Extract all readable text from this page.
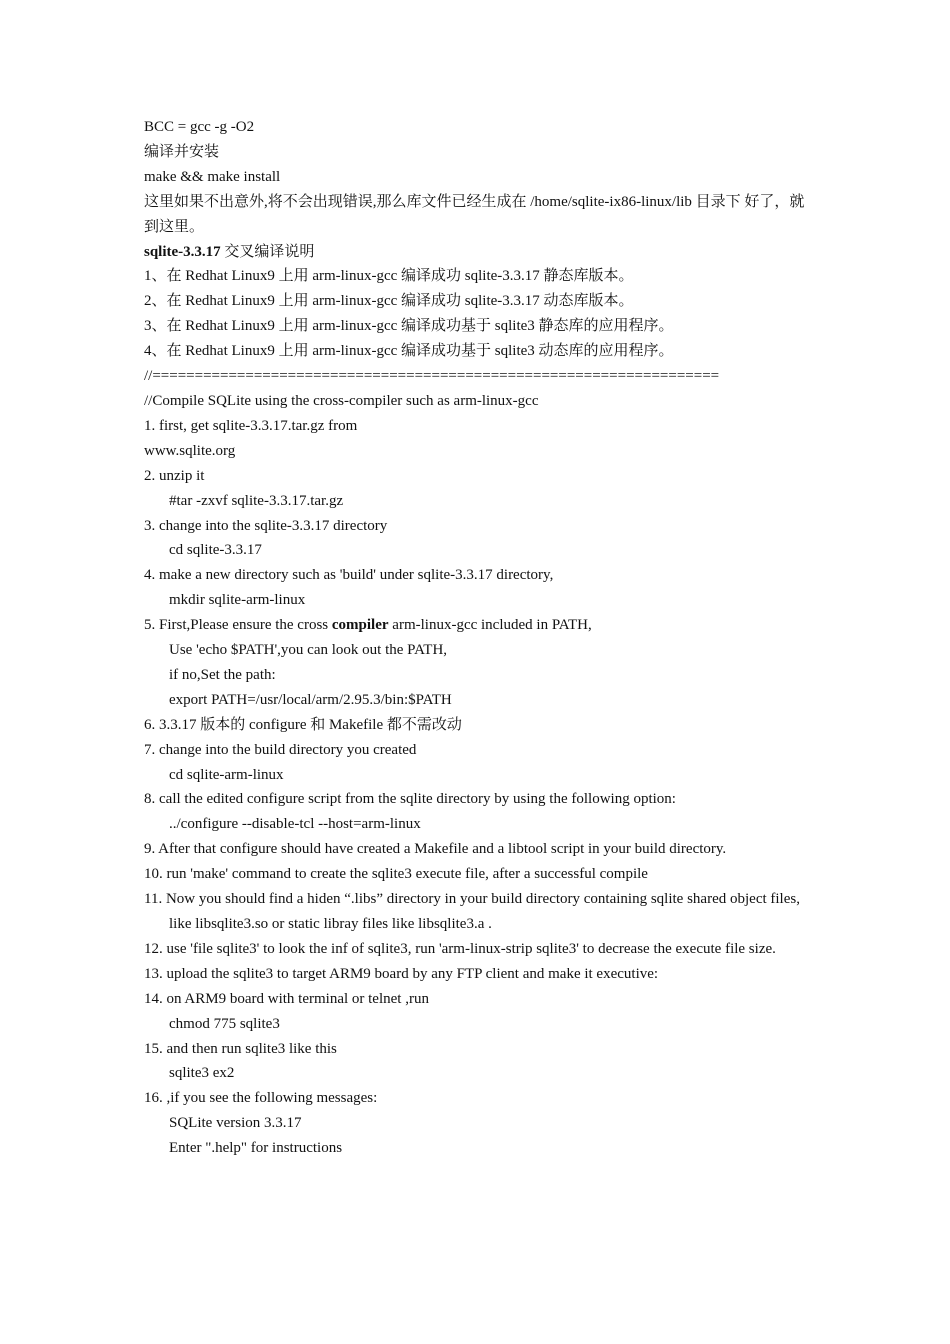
BCC = gcc -g -O2
编译并安装
make && make install
这里如果不出意外,将不会出现错误,那么库文件已经生成在 /home/sqlite-ix86-linux/lib 目录下 好了，就到这里。
sqlite-3.3.17 交叉编译说明
1、在 Redhat Linux9 上用 arm-linux-gcc 编译成功 sqlite-3.3.17 静态库版本。
2、在 Redhat Linux9 上用 arm-linux-gcc 编译成功 sqlite-3.3.17 动态库版本。
3、在 Redhat Linux9 上用 arm-linux-gcc 编译成功基于 sqlite3 静态库的应用程序。
4、在 Redhat Linux9 上用 arm-linux-gcc 编译成功基于 sqlite3 动态库的应用程序。
//===================================================================
//Compile SQLite using the cross-compiler such as arm-linux-gcc
1. first, get sqlite-3.3.17.tar.gz from
www.sqlite.org
2. unzip it
#tar -zxvf sqlite-3.3.17.tar.gz
3. change into the sqlite-3.3.17 directory
cd sqlite-3.3.17
4. make a new directory such as 'build' under sqlite-3.3.17 directory,
mkdir sqlite-arm-linux
5. First,Please ensure the cross compiler arm-linux-gcc included in PATH,
Use 'echo $PATH',you can look out the PATH,
if no,Set the path:
export PATH=/usr/local/arm/2.95.3/bin:$PATH
6. 3.3.17 版本的 configure 和 Makefile 都不需改动
7. change into the build directory you created
cd sqlite-arm-linux
8. call the edited configure script from the sqlite directory by using the following option:
../configure --disable-tcl --host=arm-linux
9. After that configure should have created a Makefile and a libtool script in your build directory.
10. run 'make' command to create the sqlite3 execute file, after a successful compile
11. Now you should find a hiden “.libs” directory in your build directory containing sqlite shared object files,
like libsqlite3.so or static libray files like libsqlite3.a .
12. use 'file sqlite3' to look the inf of sqlite3, run 'arm-linux-strip sqlite3' to decrease the execute file size.
13. upload the sqlite3 to target ARM9 board by any FTP client and make it executive:
14. on ARM9 board with terminal or telnet ,run
chmod 775 sqlite3
15. and then run sqlite3 like this
sqlite3 ex2
16. ,if you see the following messages:
SQLite version 3.3.17
Enter ".help" for instructions
